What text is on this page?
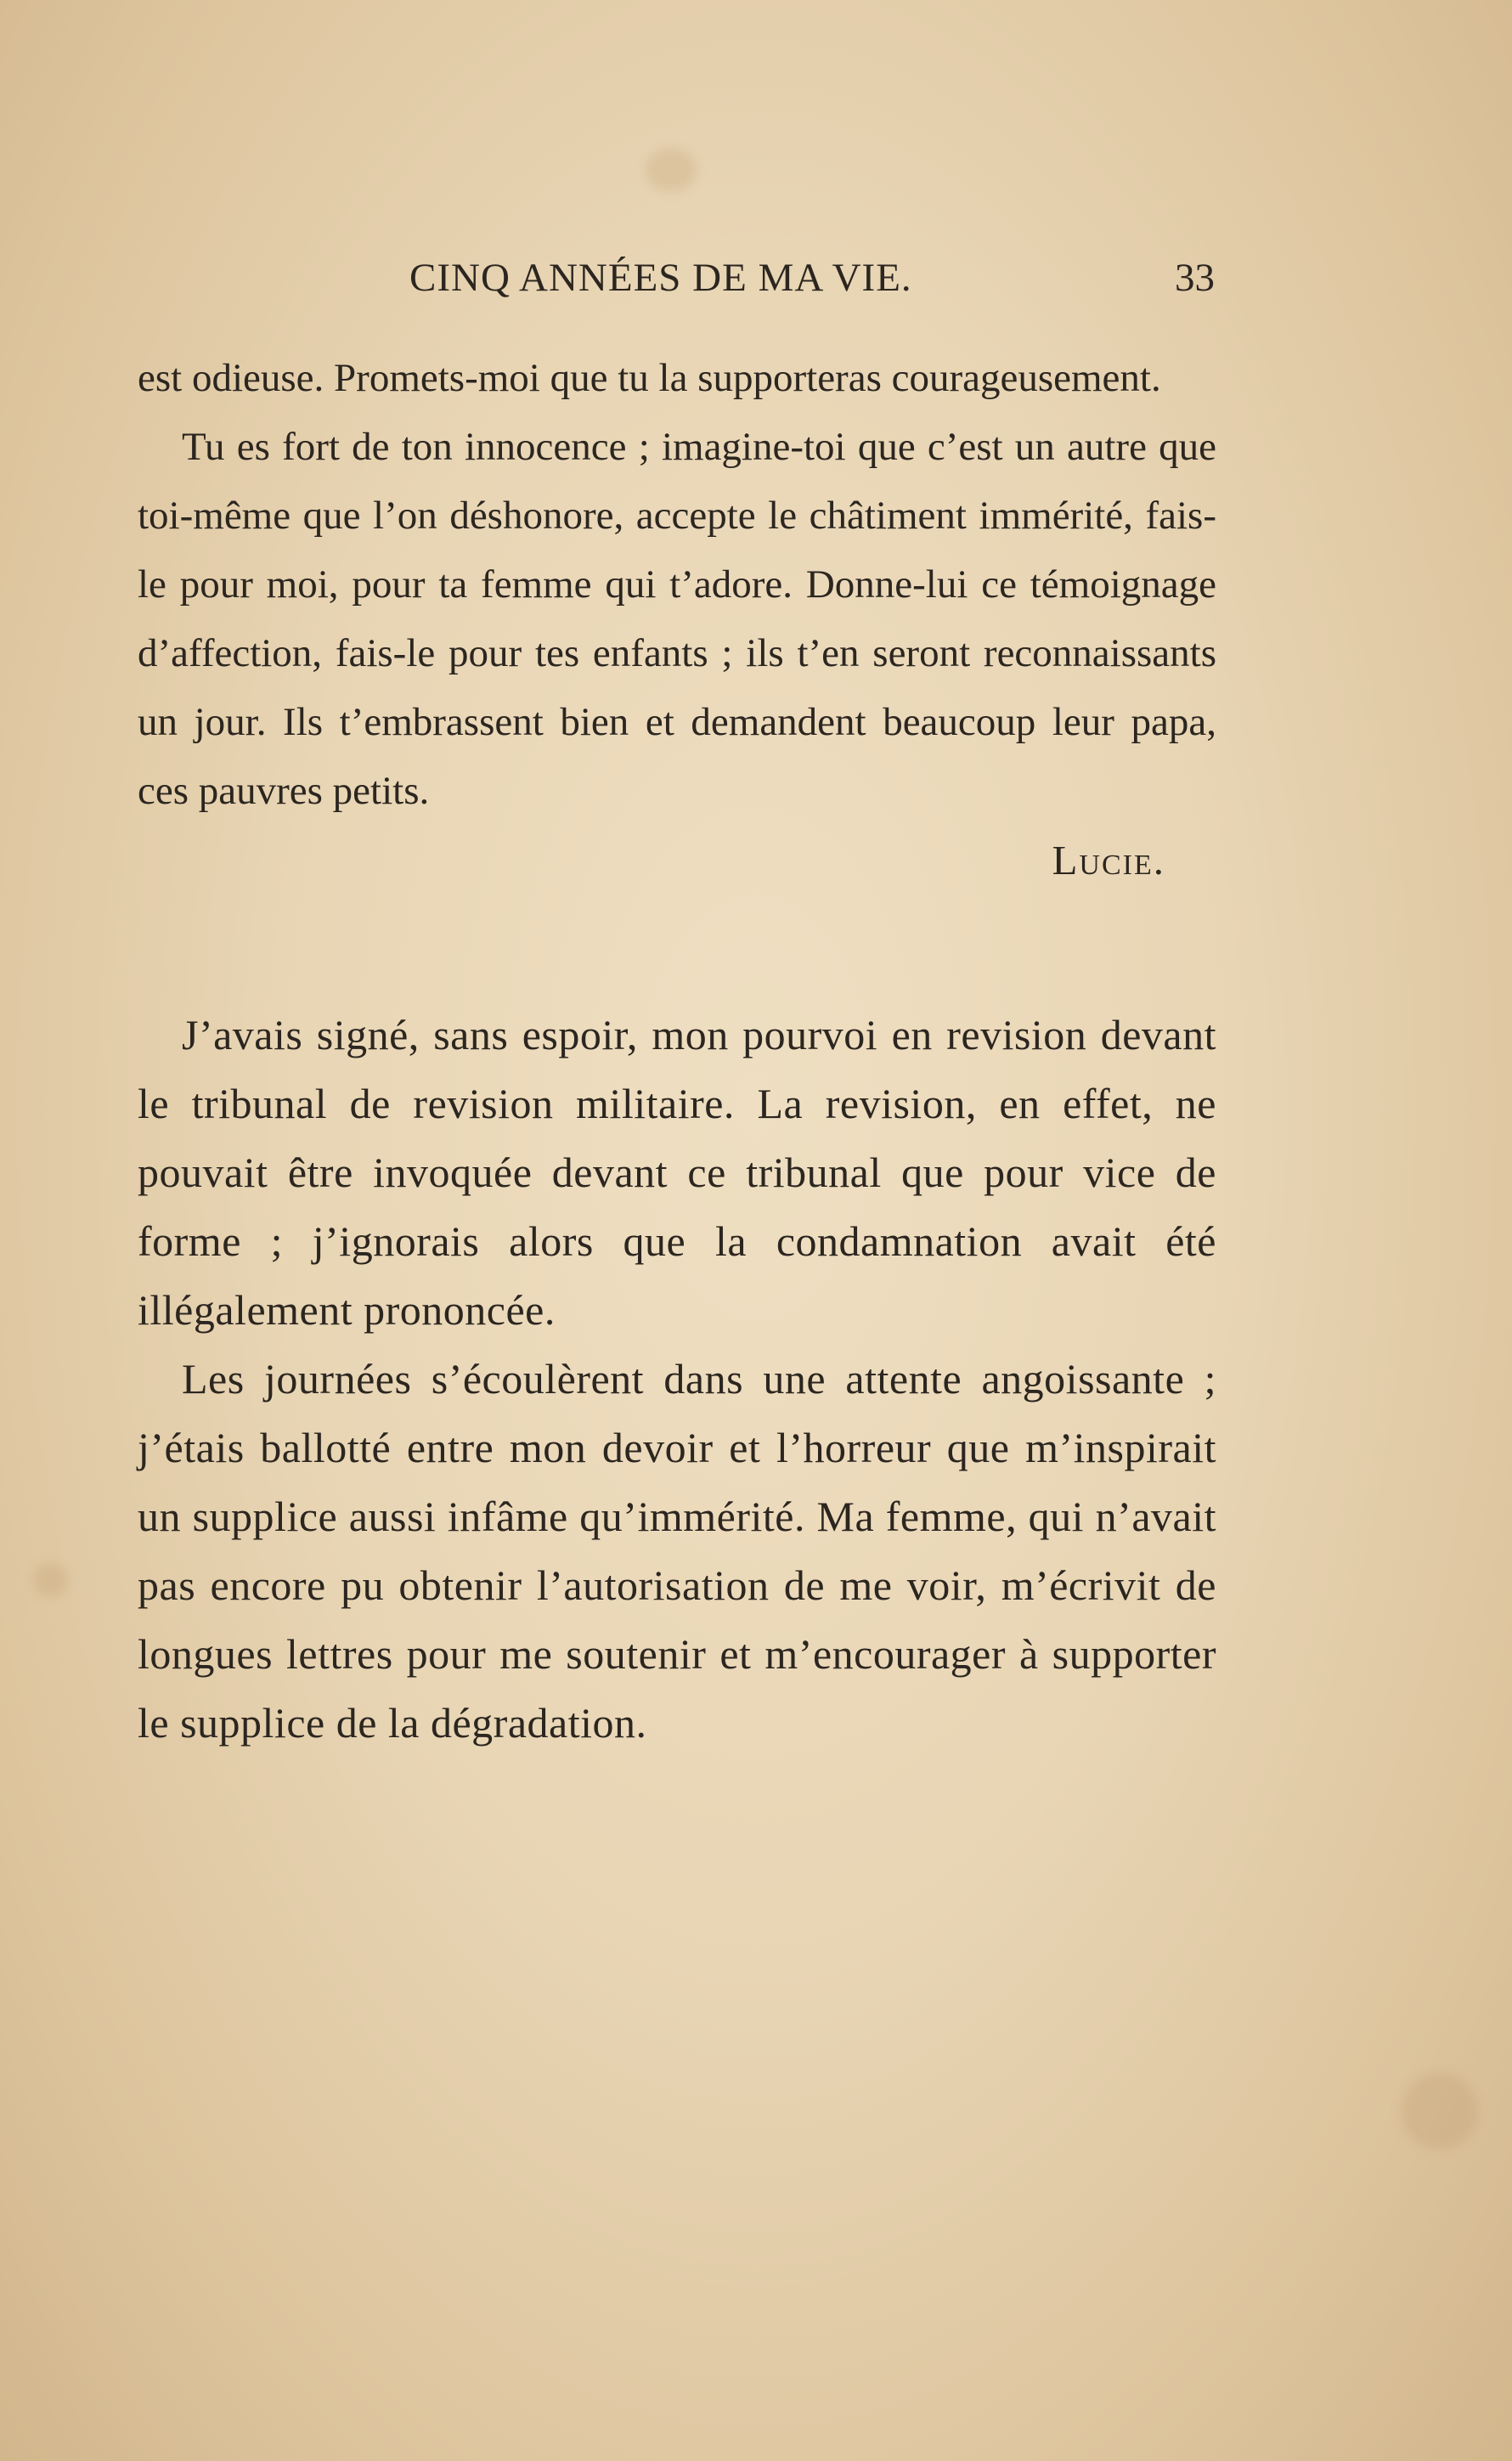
CINQ ANNÉES DE MA VIE.	33

est odieuse. Promets-moi que tu la supporteras courageusement.

Tu es fort de ton innocence ; imagine-toi que c’est un autre que toi-même que l’on déshonore, accepte le châtiment immérité, fais-le pour moi, pour ta femme qui t’adore. Donne-lui ce témoignage d’affection, fais-le pour tes enfants ; ils t’en seront reconnaissants un jour. Ils t’embrassent bien et demandent beaucoup leur papa, ces pauvres petits.

Lucie.

J’avais signé, sans espoir, mon pourvoi en revision devant le tribunal de revision militaire. La revision, en effet, ne pouvait être invoquée devant ce tribunal que pour vice de forme ; j’ignorais alors que la condamnation avait été illégalement prononcée.

Les journées s’écoulèrent dans une attente angoissante ; j’étais ballotté entre mon devoir et l’horreur que m’inspirait un supplice aussi infâme qu’immérité. Ma femme, qui n’avait pas encore pu obtenir l’autorisation de me voir, m’écrivit de longues lettres pour me soutenir et m’encourager à supporter le supplice de la dégradation.
